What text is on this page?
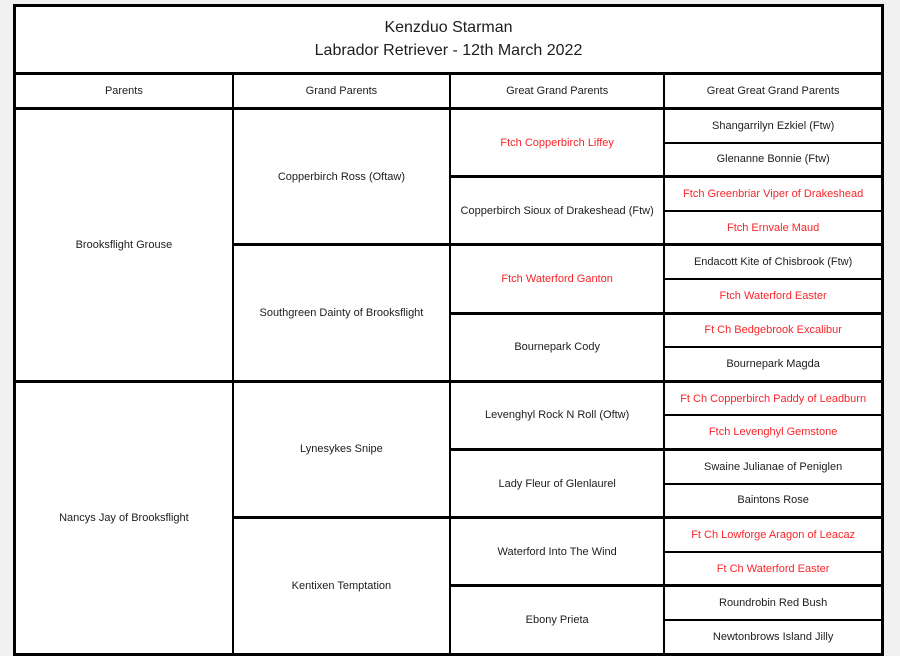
Kenzduo Starman
Labrador Retriever - 12th March 2022
Parents	Grand Parents	Great Grand Parents	Great Great Grand Parents
Brooksflight Grouse	Copperbirch Ross (Oftaw)	Ftch Copperbirch Liffey	Shangarrilyn Ezkiel (Ftw)
			Glenanne Bonnie (Ftw)
		Copperbirch Sioux of Drakeshead (Ftw)	Ftch Greenbriar Viper of Drakeshead
			Ftch Ernvale Maud
	Southgreen Dainty of Brooksflight	Ftch Waterford Ganton	Endacott Kite of Chisbrook (Ftw)
			Ftch Waterford Easter
		Bournepark Cody	Ft Ch Bedgebrook Excalibur
			Bournepark Magda
Nancys Jay of Brooksflight	Lynesykes Snipe	Levenghyl Rock N Roll (Oftw)	Ft Ch Copperbirch Paddy of Leadburn
			Ftch Levenghyl Gemstone
		Lady Fleur of Glenlaurel	Swaine Julianae of Peniglen
			Baintons Rose
	Kentixen Temptation	Waterford Into The Wind	Ft Ch Lowforge Aragon of Leacaz
			Ft Ch Waterford Easter
		Ebony Prieta	Roundrobin Red Bush
			Newtonbrows Island Jilly
